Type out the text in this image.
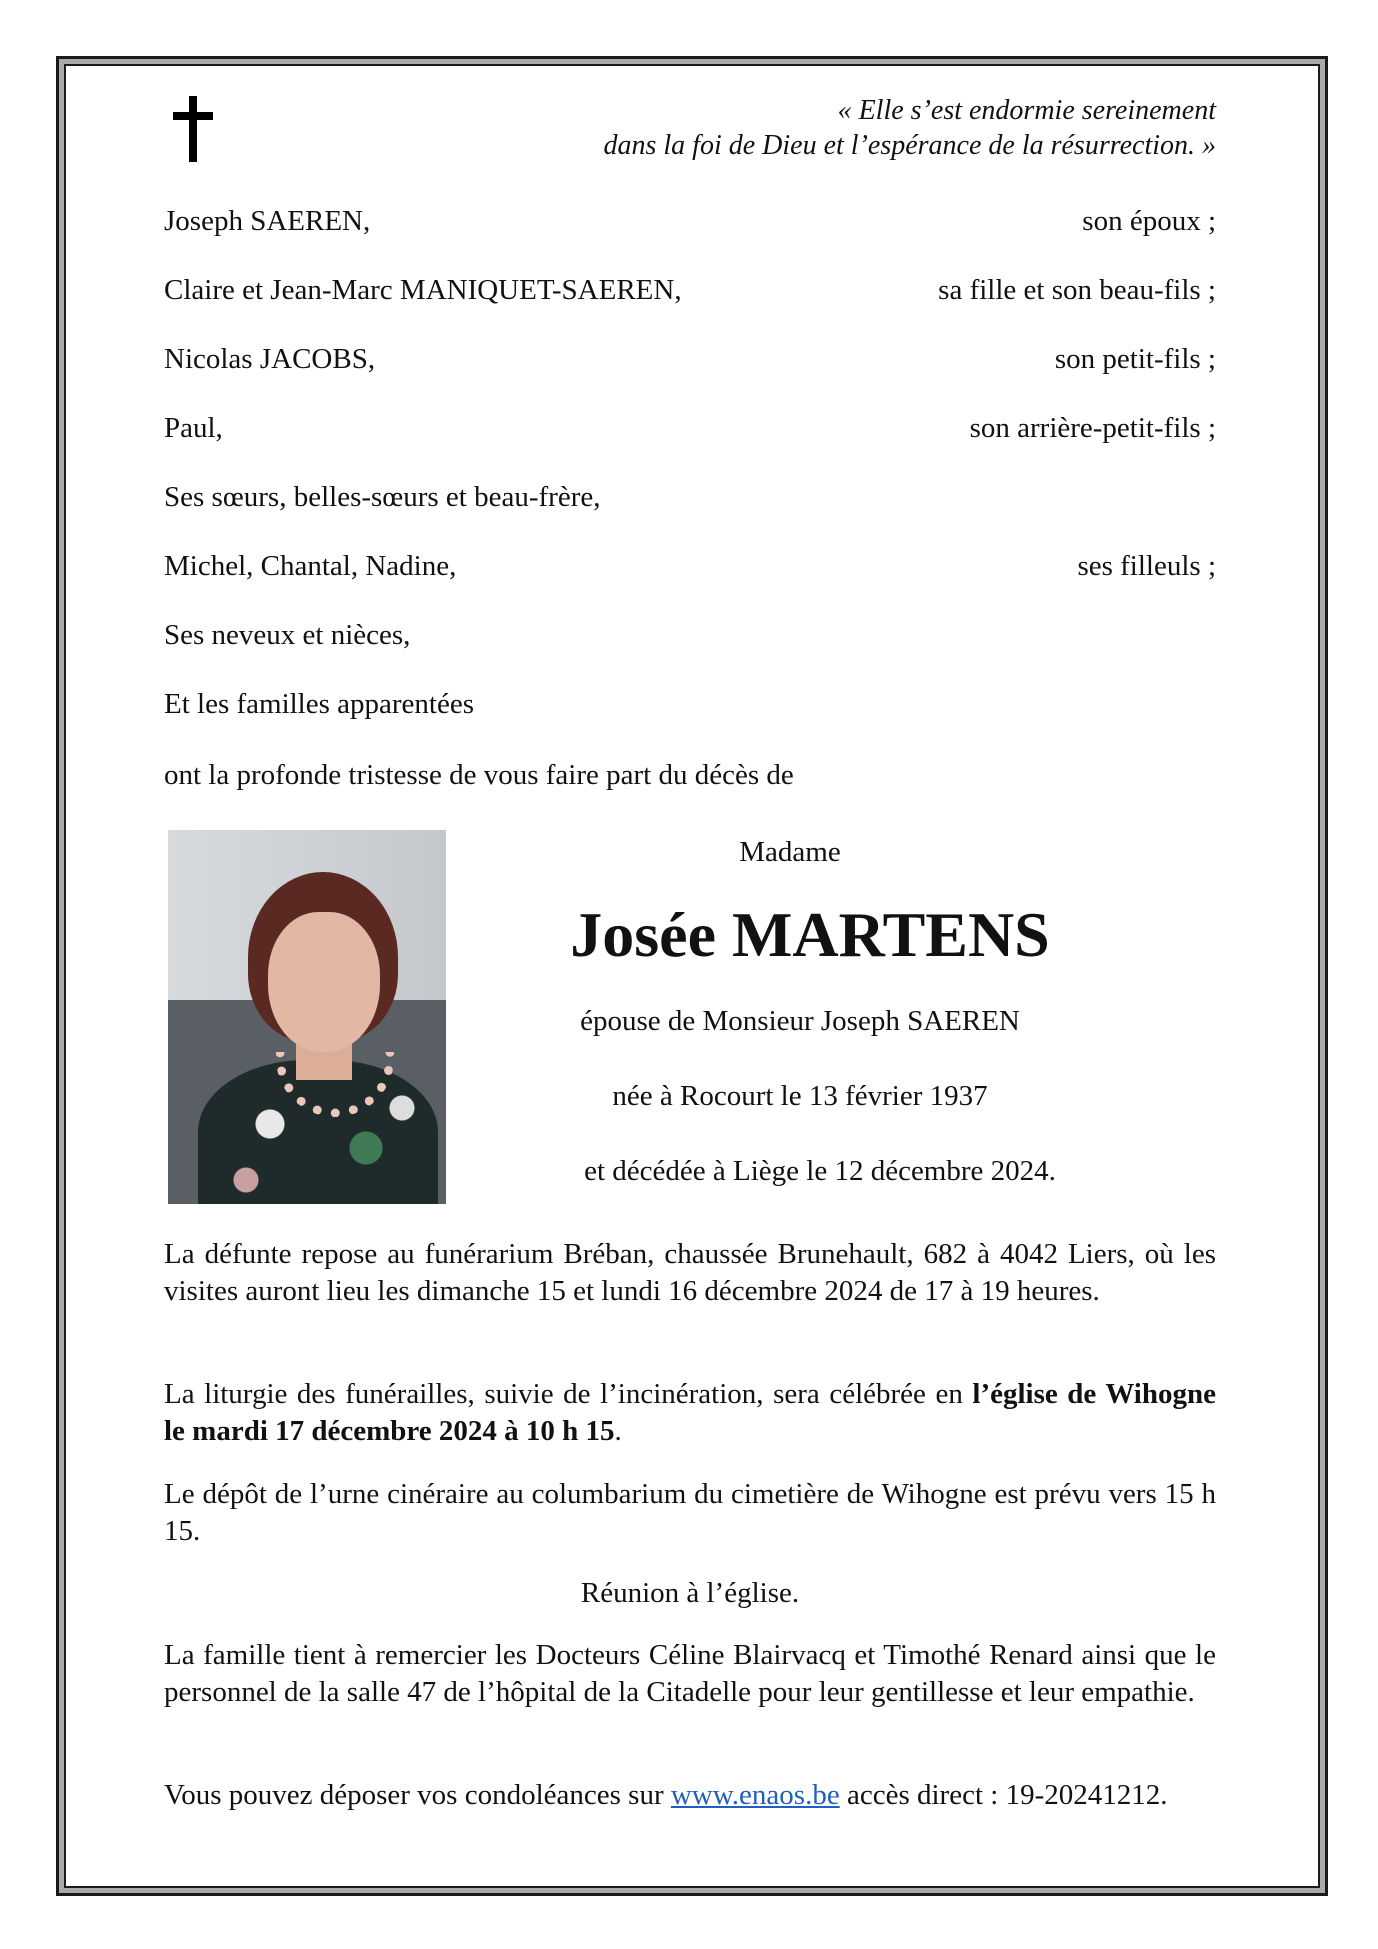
« Elle s’est endormie sereinement
dans la foi de Dieu et l’espérance de la résurrection. »
Joseph SAEREN,	son époux ;
Claire et Jean-Marc MANIQUET-SAEREN,	sa fille et son beau-fils ;
Nicolas JACOBS,	son petit-fils ;
Paul,	son arrière-petit-fils ;
Ses sœurs, belles-sœurs et beau-frère,
Michel, Chantal, Nadine,	ses filleuls ;
Ses neveux et nièces,
Et les familles apparentées
ont la profonde tristesse de vous faire part du décès de
Madame
Josée MARTENS
épouse de Monsieur Joseph SAEREN
née à Rocourt le 13 février 1937
et décédée à Liège le 12 décembre 2024.
La défunte repose au funérarium Bréban, chaussée Brunehault, 682 à 4042 Liers, où les visites auront lieu les dimanche 15 et lundi 16 décembre 2024 de 17 à 19 heures.
La liturgie des funérailles, suivie de l’incinération, sera célébrée en l’église de Wihogne le mardi 17 décembre 2024 à 10 h 15.
Le dépôt de l’urne cinéraire au columbarium du cimetière de Wihogne est prévu vers 15 h 15.
Réunion à l’église.
La famille tient à remercier les Docteurs Céline Blairvacq et Timothé Renard ainsi que le personnel de la salle 47 de l’hôpital de la Citadelle pour leur gentillesse et leur empathie.
Vous pouvez déposer vos condoléances sur www.enaos.be accès direct : 19-20241212.
